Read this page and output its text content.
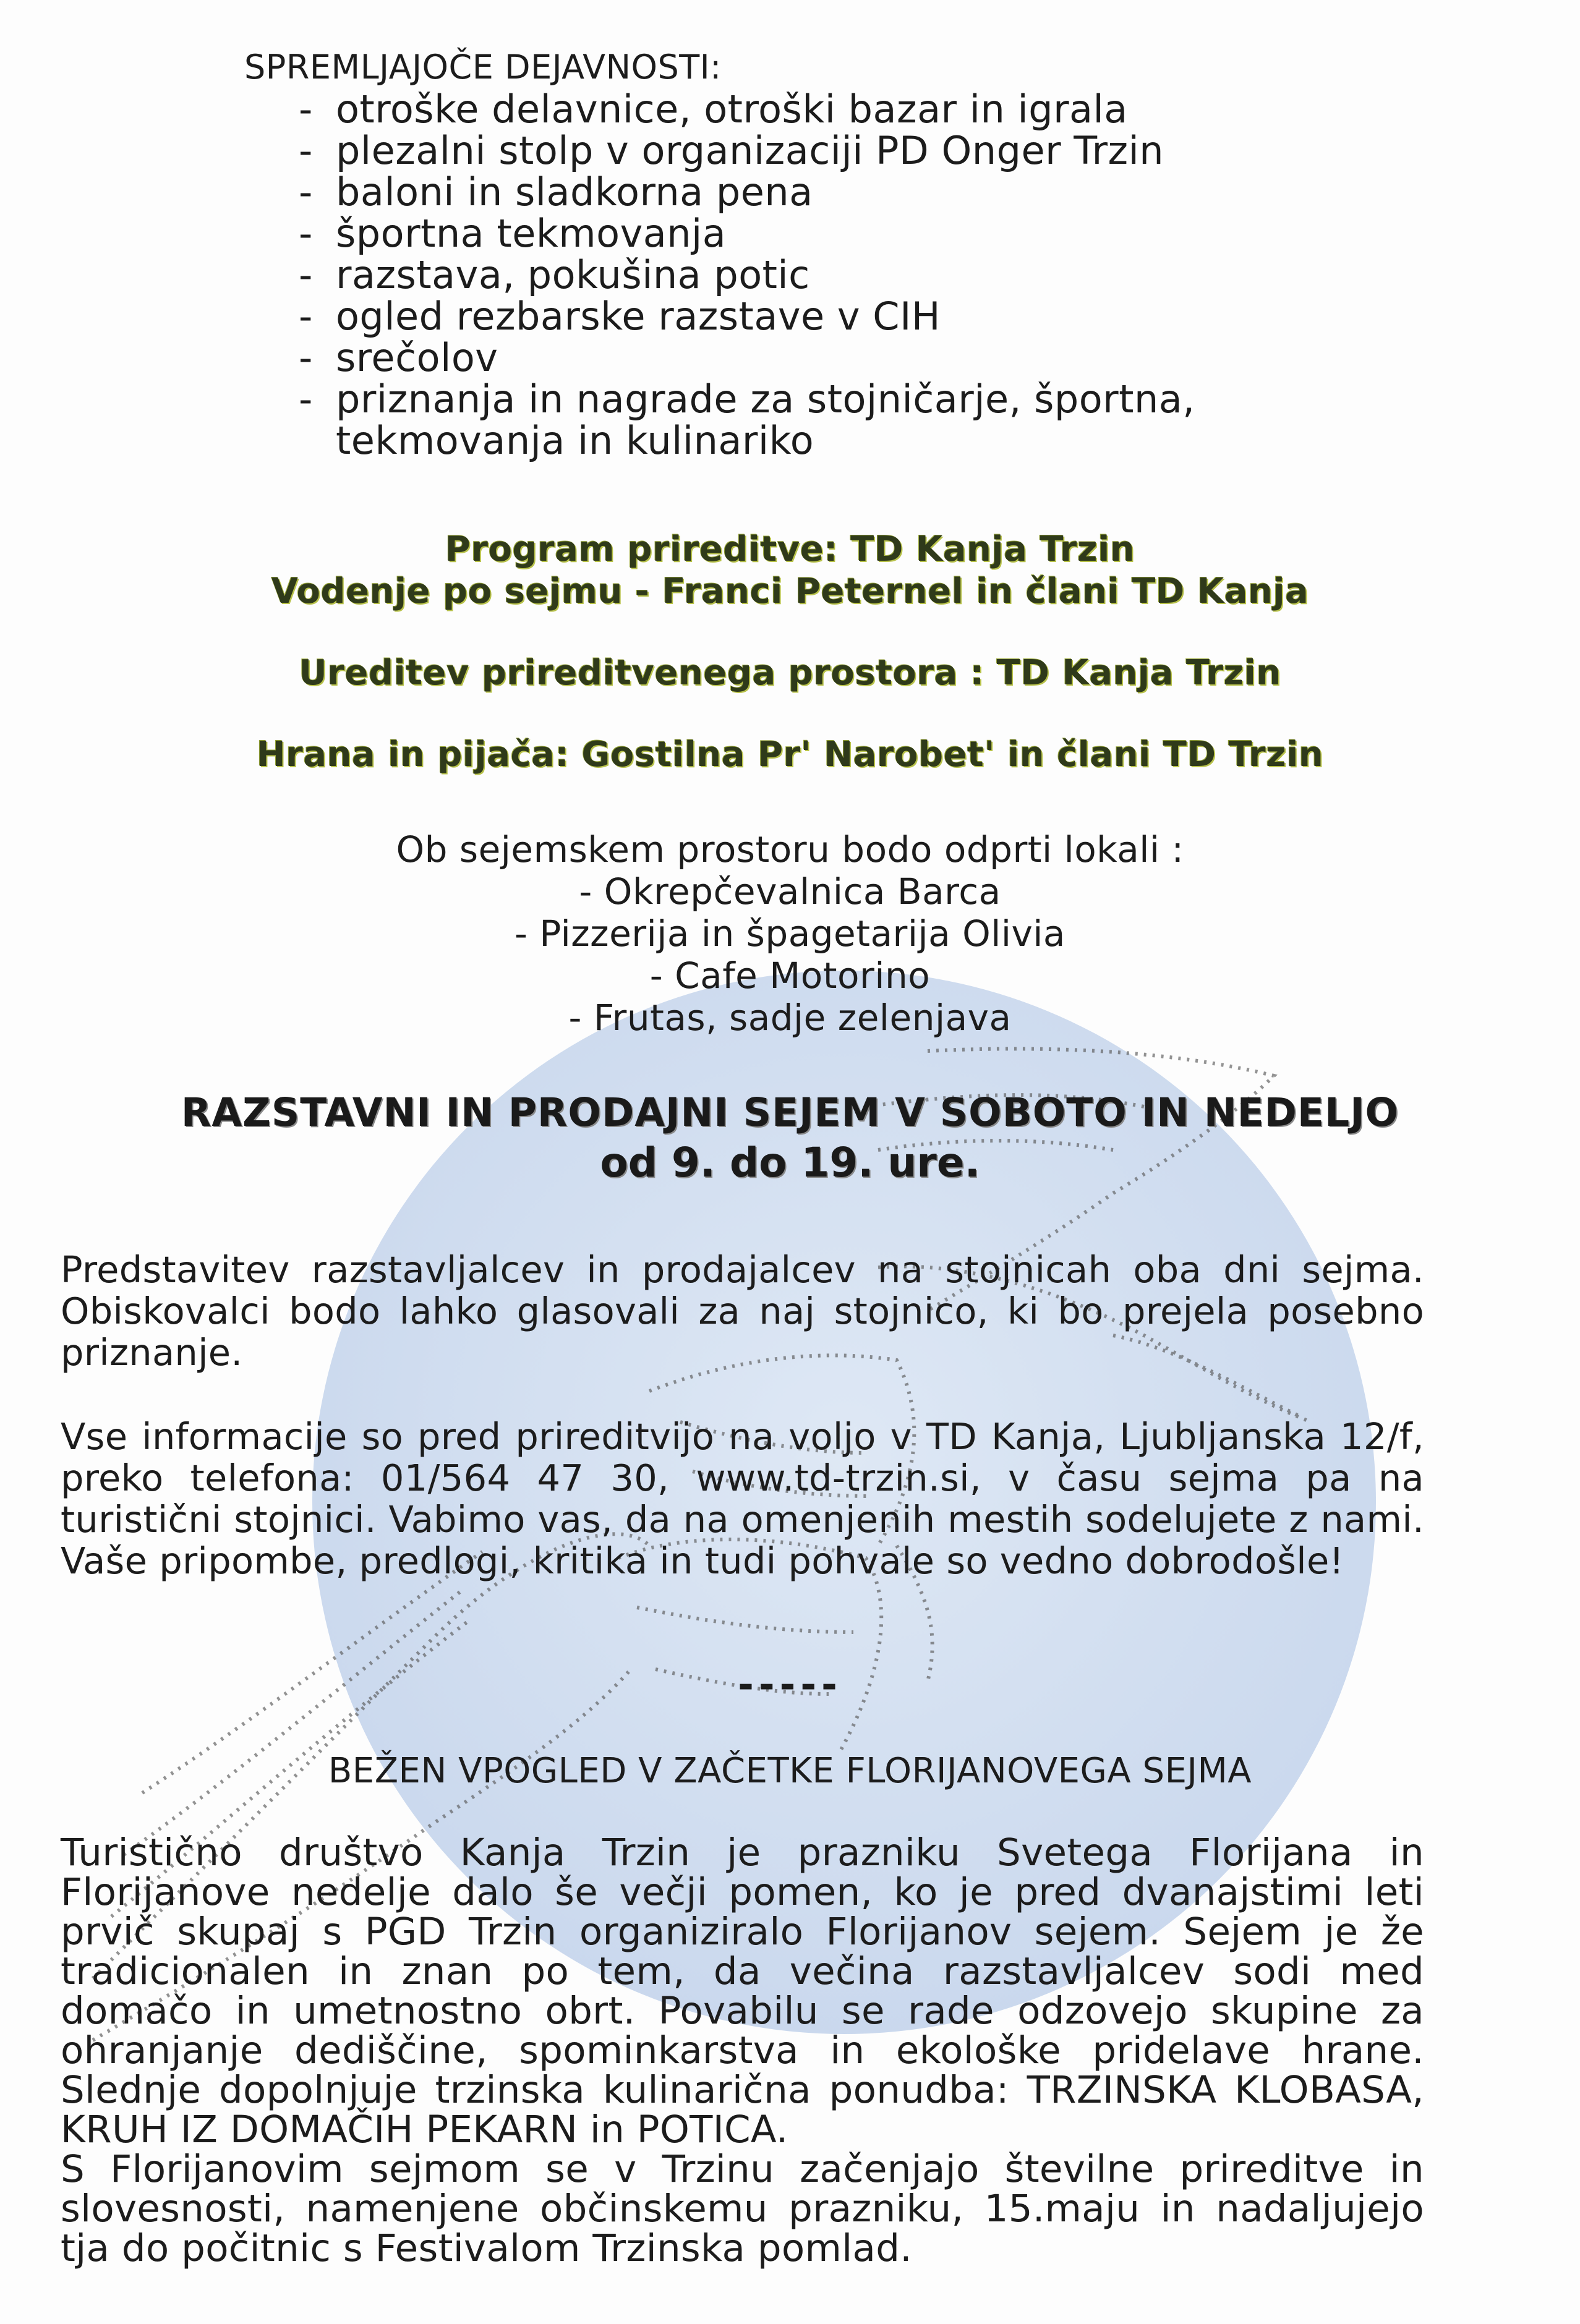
SPREMLJAJOČE DEJAVNOSTI:

- otroške delavnice, otroški bazar in igrala
- plezalni stolp v organizaciji PD Onger Trzin
- baloni in sladkorna pena
- športna tekmovanja
- razstava, pokušina potic
- ogled rezbarske razstave v CIH
- srečolov
- priznanja in nagrade za stojničarje, športna, tekmovanja in kulinariko
Program prireditve: TD Kanja Trzin
Vodenje po sejmu - Franci Peternel in člani TD Kanja
Ureditev prireditvenega prostora : TD Kanja Trzin
Hrana in pijača: Gostilna Pr' Narobet' in člani TD Trzin
Ob sejemskem prostoru bodo odprti lokali :
- Okrepčevalnica Barca
- Pizzerija in špagetarija Olivia
- Cafe Motorino
- Frutas, sadje zelenjava
RAZSTAVNI IN PRODAJNI SEJEM V SOBOTO IN NEDELJO
od 9. do 19. ure.

Predstavitev razstavljalcev in prodajalcev na stojnicah oba dni sejma. Obiskovalci bodo lahko glasovali za naj stojnico, ki bo prejela posebno priznanje.

Vse informacije so pred prireditvijo na voljo v TD Kanja, Ljubljanska 12/f, preko telefona: 01/564 47 30, www.td-trzin.si, v času sejma pa na turistični stojnici. Vabimo vas, da na omenjenih mestih sodelujete z nami. Vaše pripombe, predlogi, kritika in tudi pohvale so vedno dobrodošle!

-----
BEŽEN VPOGLED V ZAČETKE FLORIJANOVEGA SEJMA

Turistično društvo Kanja Trzin je prazniku Svetega Florijana in Florijanove nedelje dalo še večji pomen, ko je pred dvanajstimi leti prvič skupaj s PGD Trzin organiziralo Florijanov sejem. Sejem je že tradicionalen in znan po tem, da večina razstavljalcev sodi med domačo in umetnostno obrt. Povabilu se rade odzovejo skupine za ohranjanje dediščine, spominkarstva in ekološke pridelave hrane. Slednje dopolnjuje trzinska kulinarična ponudba: TRZINSKA KLOBASA, KRUH IZ DOMAČIH PEKARN in POTICA.

S Florijanovim sejmom se v Trzinu začenjajo številne prireditve in slovesnosti, namenjene občinskemu prazniku, 15.maju in nadaljujejo tja do počitnic s Festivalom Trzinska pomlad.
